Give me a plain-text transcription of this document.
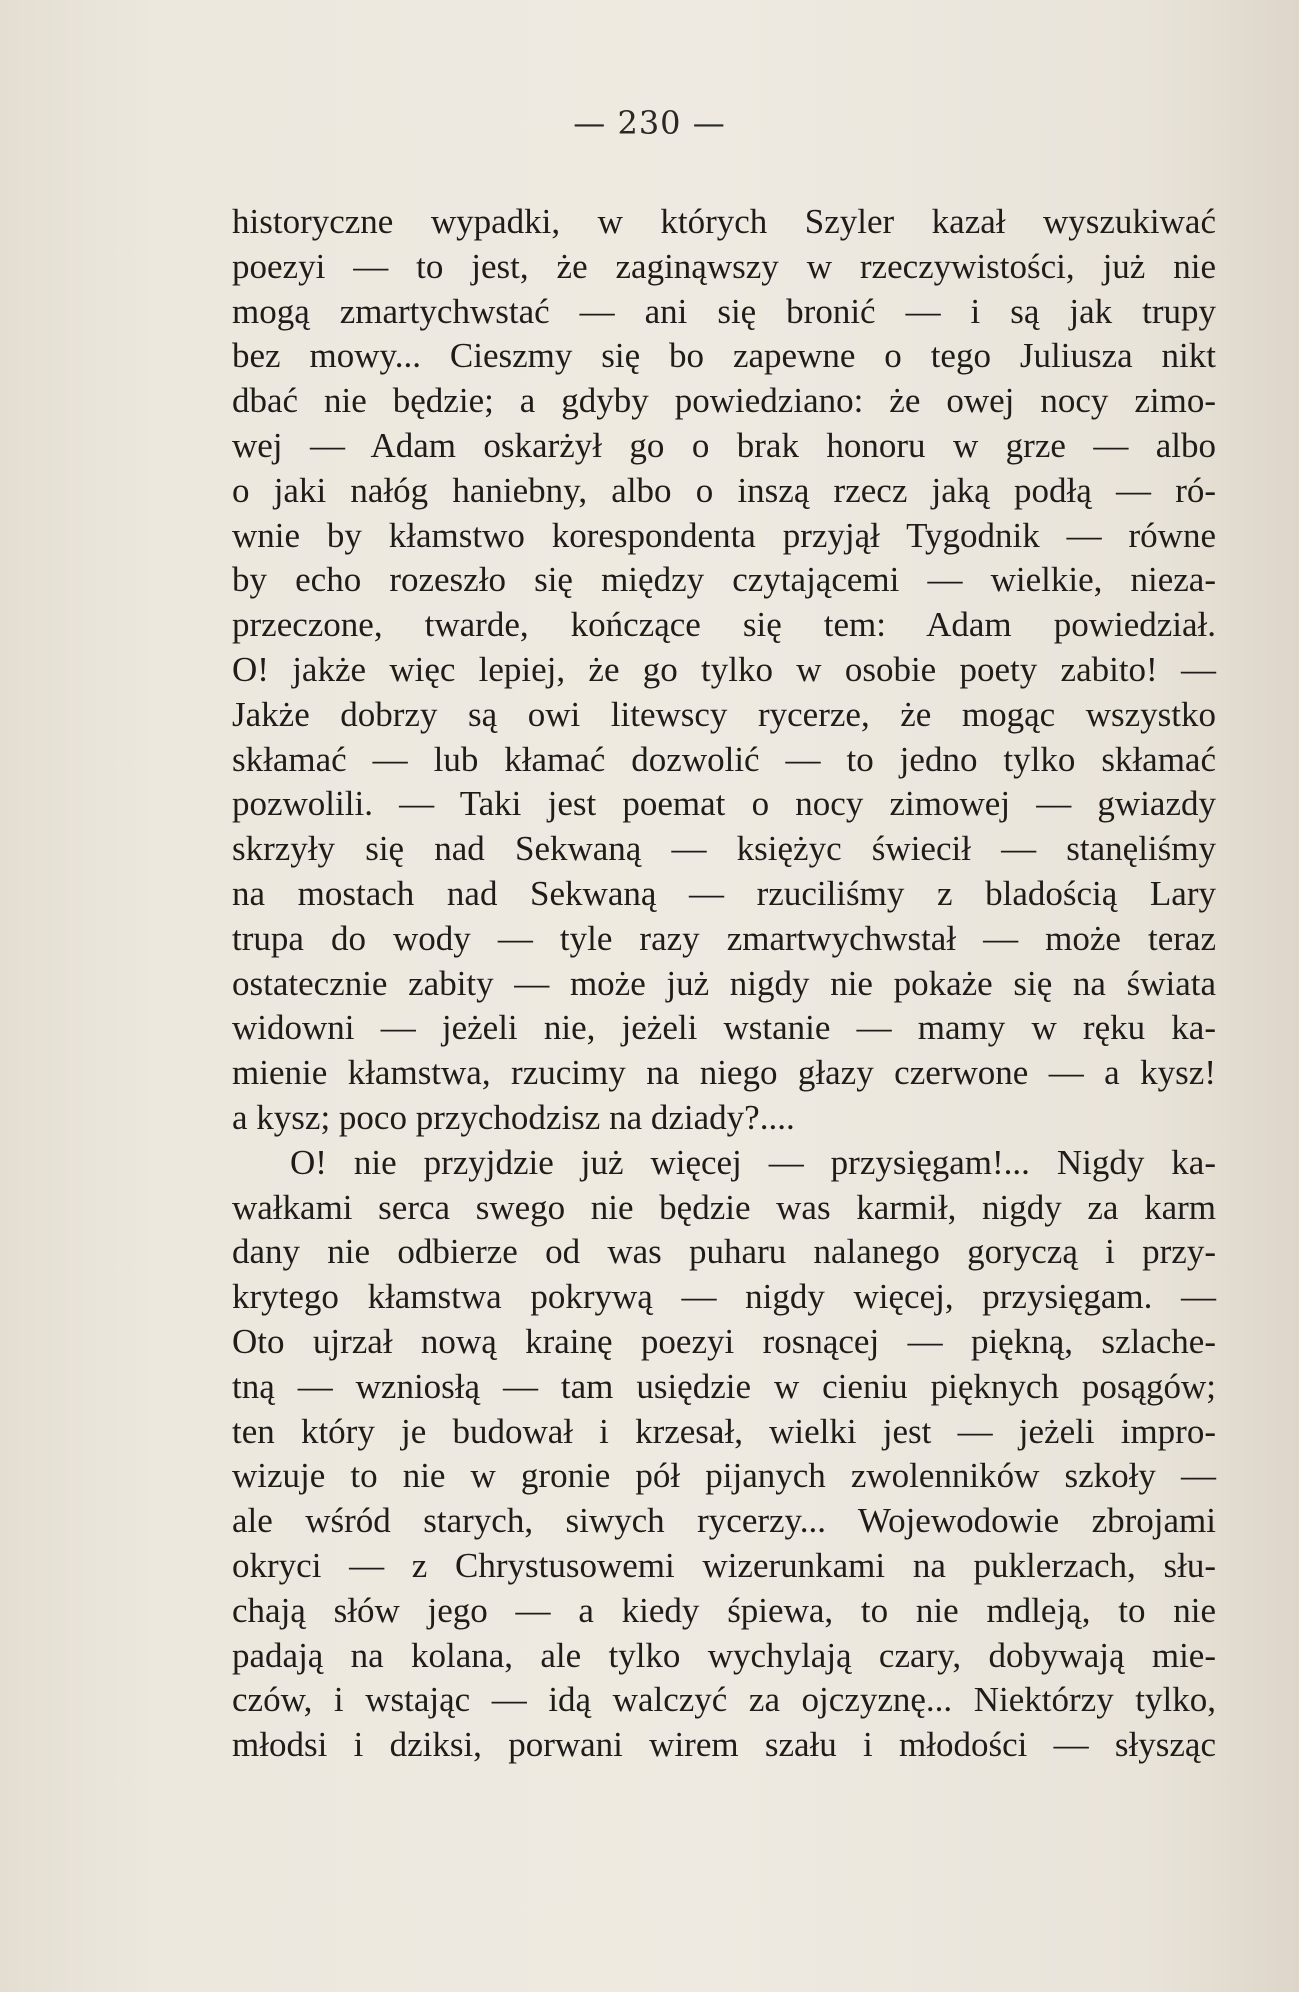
— 230 —
historyczne wypadki, w których Szyler kazał wyszukiwać
poezyi — to jest, że zaginąwszy w rzeczywistości, już nie
mogą zmartychwstać — ani się bronić — i są jak trupy
bez mowy... Cieszmy się bo zapewne o tego Juliusza nikt
dbać nie będzie; a gdyby powiedziano: że owej nocy zimo-
wej — Adam oskarżył go o brak honoru w grze — albo
o jaki nałóg haniebny, albo o inszą rzecz jaką podłą — ró-
wnie by kłamstwo korespondenta przyjął Tygodnik — równe
by echo rozeszło się między czytającemi — wielkie, nieza-
przeczone, twarde, kończące się tem: Adam powiedział.
O! jakże więc lepiej, że go tylko w osobie poety zabito! —
Jakże dobrzy są owi litewscy rycerze, że mogąc wszystko
skłamać — lub kłamać dozwolić — to jedno tylko skłamać
pozwolili. — Taki jest poemat o nocy zimowej — gwiazdy
skrzyły się nad Sekwaną — księżyc świecił — stanęliśmy
na mostach nad Sekwaną — rzuciliśmy z bladością Lary
trupa do wody — tyle razy zmartwychwstał — może teraz
ostatecznie zabity — może już nigdy nie pokaże się na świata
widowni — jeżeli nie, jeżeli wstanie — mamy w ręku ka-
mienie kłamstwa, rzucimy na niego głazy czerwone — a kysz!
a kysz; poco przychodzisz na dziady?....
O! nie przyjdzie już więcej — przysięgam!... Nigdy ka-
wałkami serca swego nie będzie was karmił, nigdy za karm
dany nie odbierze od was puharu nalanego goryczą i przy-
krytego kłamstwa pokrywą — nigdy więcej, przysięgam. —
Oto ujrzał nową krainę poezyi rosnącej — piękną, szlache-
tną — wzniosłą — tam usiędzie w cieniu pięknych posągów;
ten który je budował i krzesał, wielki jest — jeżeli impro-
wizuje to nie w gronie pół pijanych zwolenników szkoły —
ale wśród starych, siwych rycerzy... Wojewodowie zbrojami
okryci — z Chrystusowemi wizerunkami na puklerzach, słu-
chają słów jego — a kiedy śpiewa, to nie mdleją, to nie
padają na kolana, ale tylko wychylają czary, dobywają mie-
czów, i wstając — idą walczyć za ojczyznę... Niektórzy tylko,
młodsi i dziksi, porwani wirem szału i młodości — słysząc
